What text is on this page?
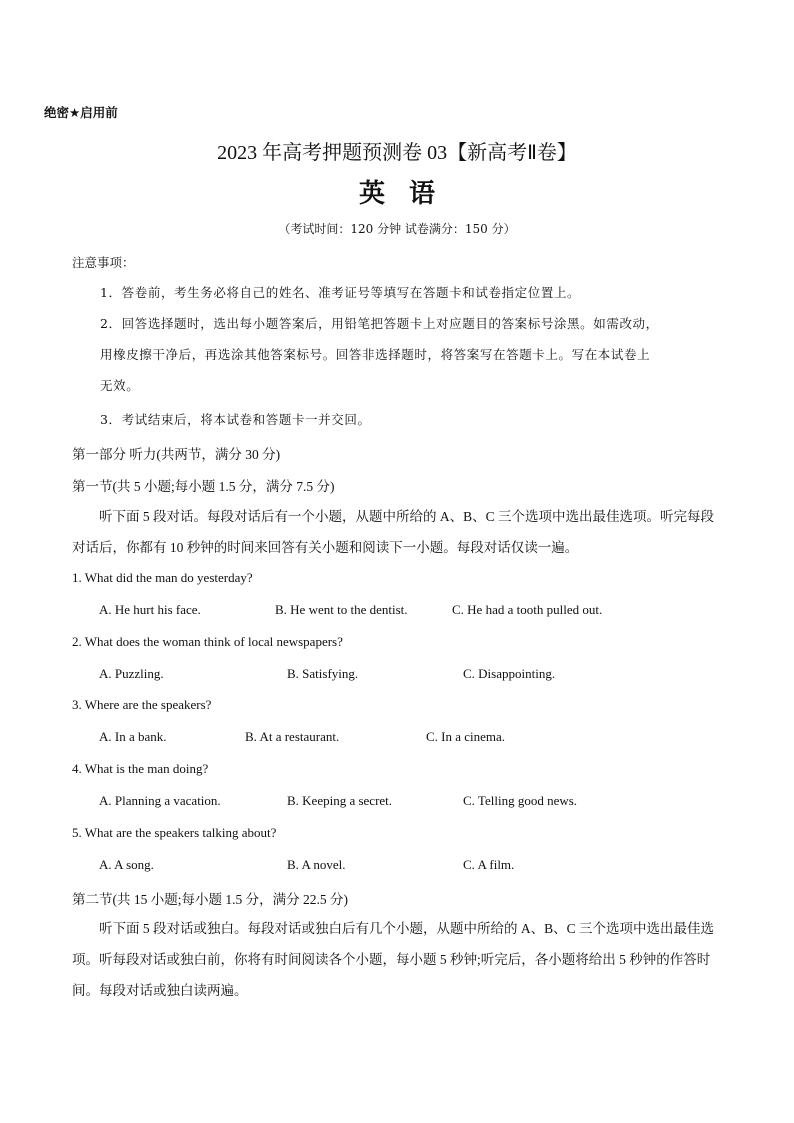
绝密★启用前
2023 年高考押题预测卷 03【新高考Ⅱ卷】
英语
（考试时间：120 分钟 试卷满分：150 分）
注意事项：
1．答卷前，考生务必将自己的姓名、准考证号等填写在答题卡和试卷指定位置上。
2．回答选择题时，选出每小题答案后，用铅笔把答题卡上对应题目的答案标号涂黑。如需改动，
用橡皮擦干净后，再选涂其他答案标号。回答非选择题时，将答案写在答题卡上。写在本试卷上
无效。
3．考试结束后，将本试卷和答题卡一并交回。
第一部分 听力(共两节，满分 30 分)
第一节(共 5 小题;每小题 1.5 分，满分 7.5 分)
听下面 5 段对话。每段对话后有一个小题，从题中所给的 A、B、C 三个选项中选出最佳选项。听完每段对话后，你都有 10 秒钟的时间来回答有关小题和阅读下一小题。每段对话仅读一遍。
1. What did the man do yesterday?
A. He hurt his face.	B. He went to the dentist.	C. He had a tooth pulled out.
2. What does the woman think of local newspapers?
A. Puzzling.	B. Satisfying.	C. Disappointing.
3. Where are the speakers?
A. In a bank.	B. At a restaurant.	C. In a cinema.
4. What is the man doing?
A. Planning a vacation.	B. Keeping a secret.	C. Telling good news.
5. What are the speakers talking about?
A. A song.	B. A novel.	C. A film.
第二节(共 15 小题;每小题 1.5 分，满分 22.5 分)
听下面 5 段对话或独白。每段对话或独白后有几个小题，从题中所给的 A、B、C 三个选项中选出最佳选项。听每段对话或独白前，你将有时间阅读各个小题，每小题 5 秒钟;听完后，各小题将给出 5 秒钟的作答时间。每段对话或独白读两遍。
